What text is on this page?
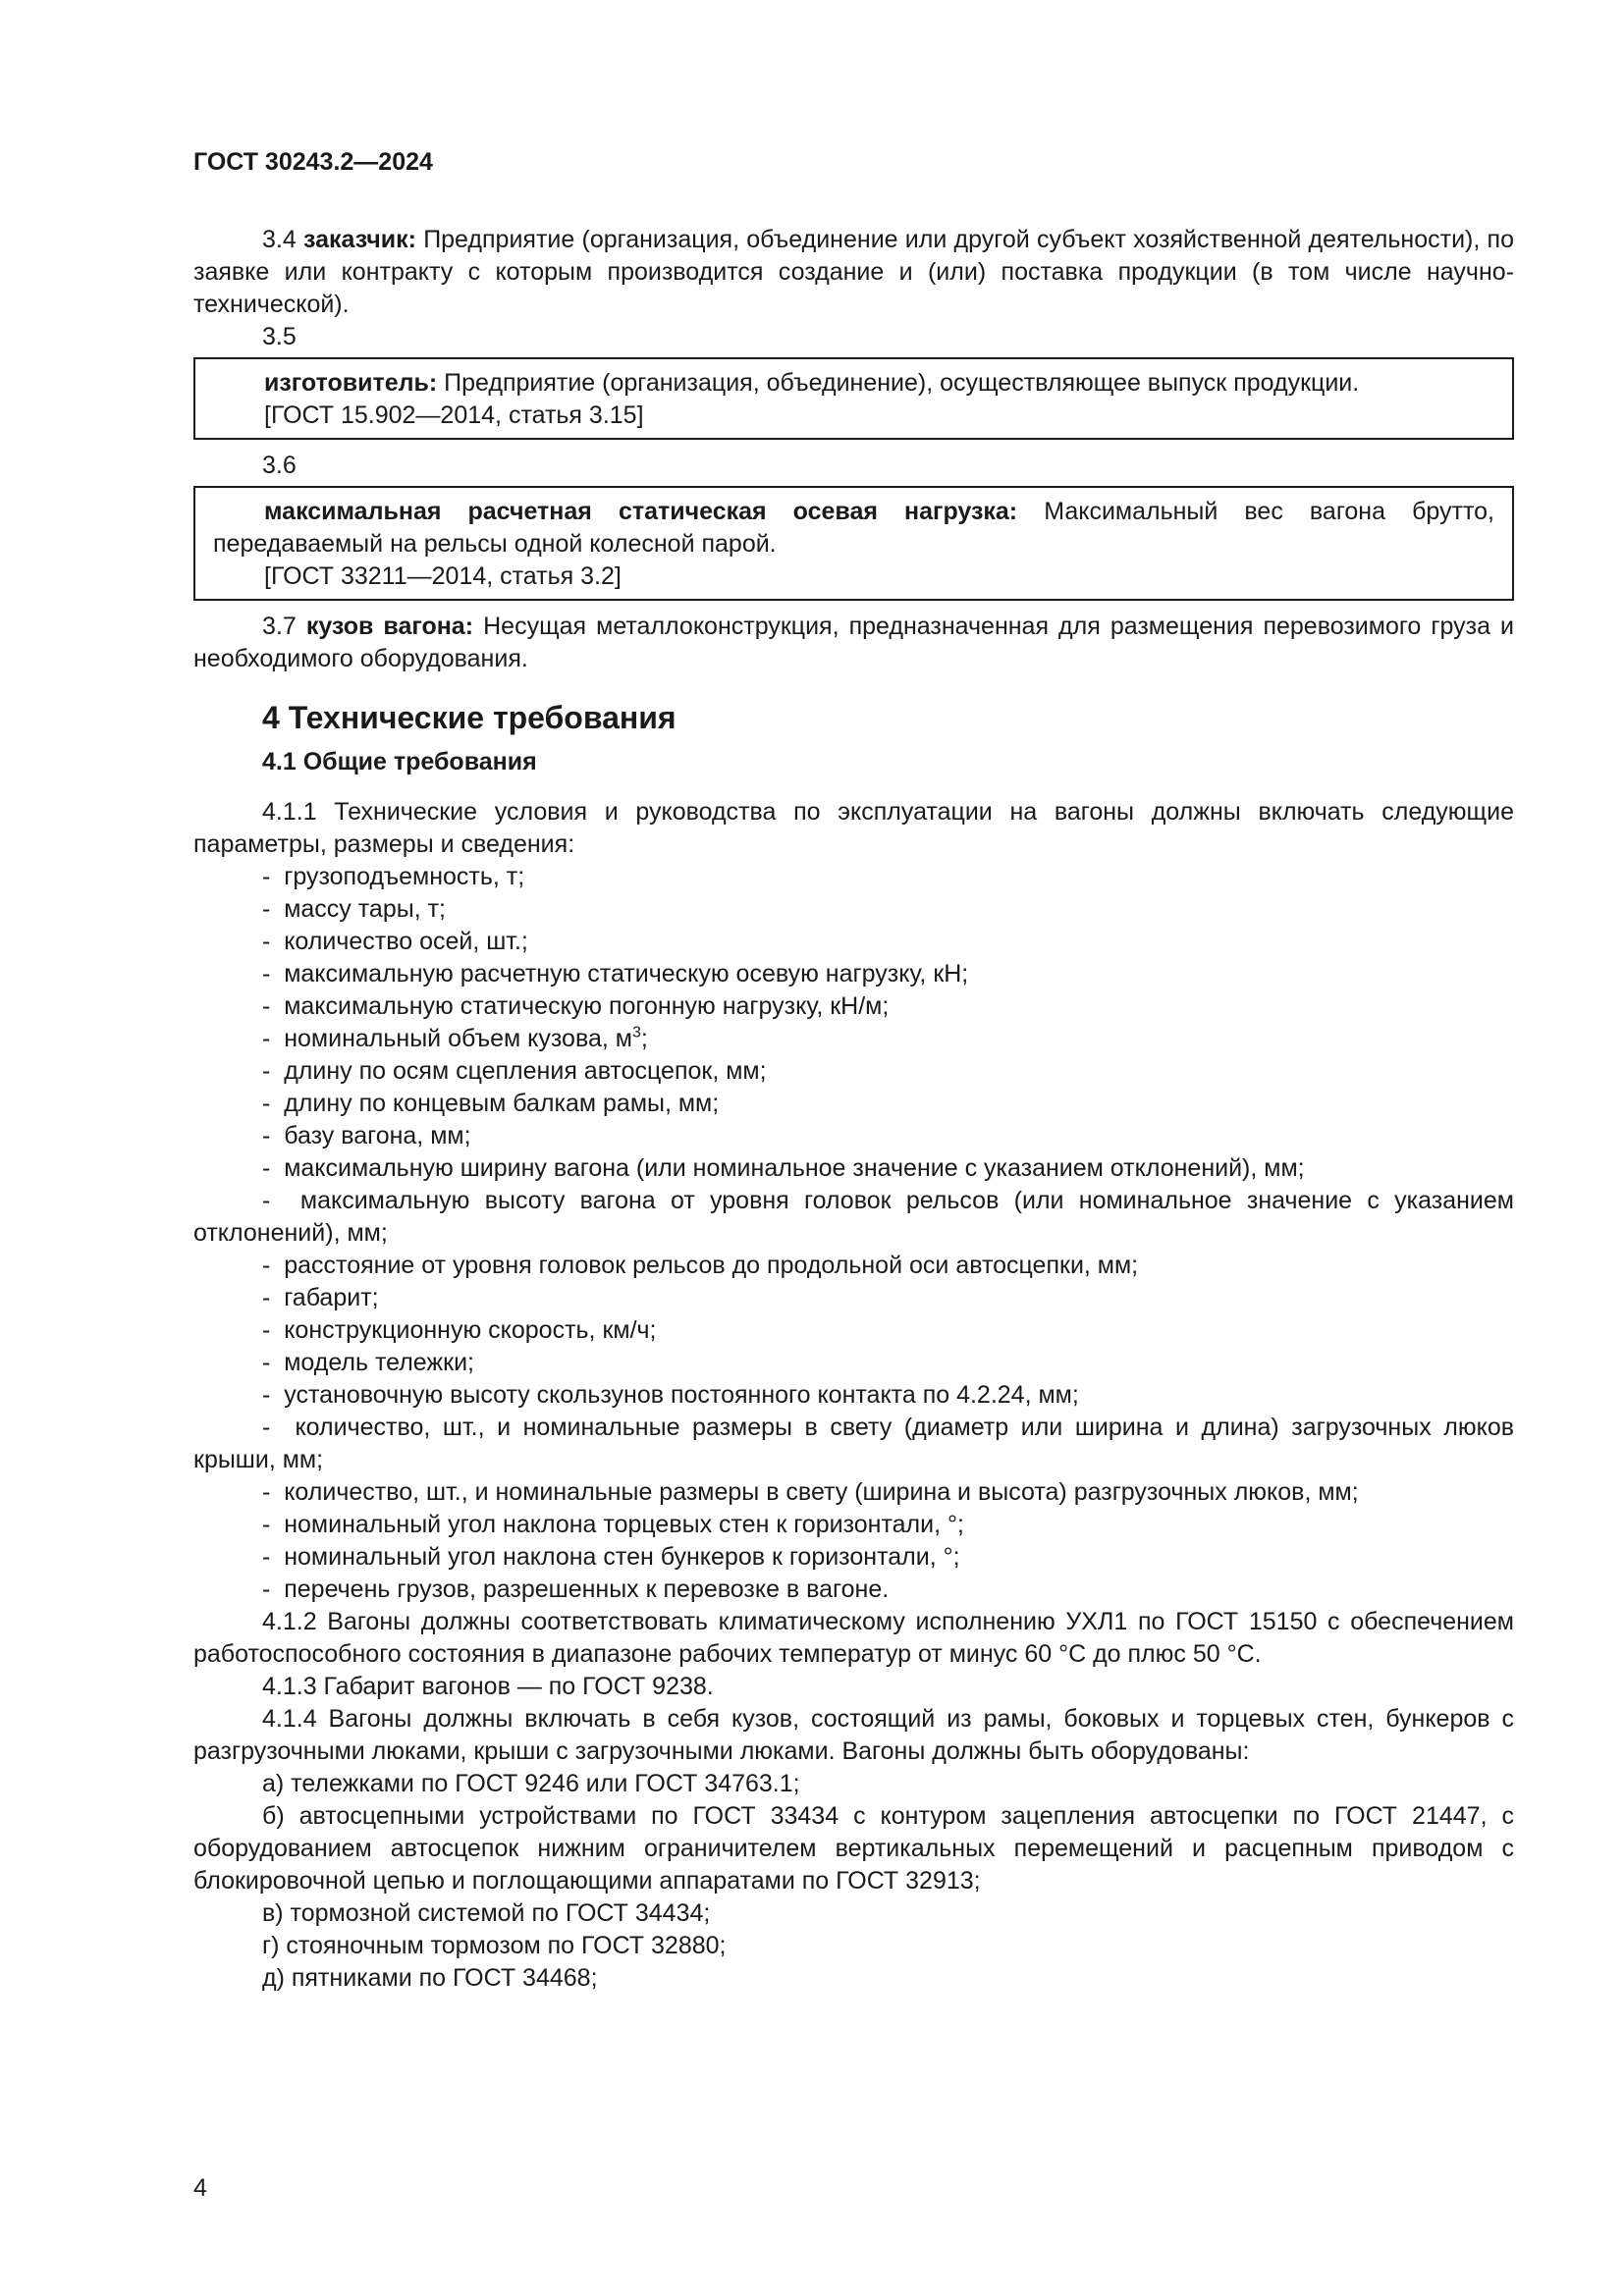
ГОСТ 30243.2—2024

3.4 заказчик: Предприятие (организация, объединение или другой субъект хозяйственной деятельности), по заявке или контракту с которым производится создание и (или) поставка продукции (в том числе научно-технической).

3.5

изготовитель: Предприятие (организация, объединение), осуществляющее выпуск продукции.

[ГОСТ 15.902—2014, статья 3.15]

3.6

максимальная расчетная статическая осевая нагрузка: Максимальный вес вагона брутто, передаваемый на рельсы одной колесной парой.

[ГОСТ 33211—2014, статья 3.2]

3.7 кузов вагона: Несущая металлоконструкция, предназначенная для размещения перевозимого груза и необходимого оборудования.

4 Технические требования
4.1 Общие требования

4.1.1 Технические условия и руководства по эксплуатации на вагоны должны включать следующие параметры, размеры и сведения:

-  грузоподъемность, т;
-  массу тары, т;
-  количество осей, шт.;
-  максимальную расчетную статическую осевую нагрузку, кН;
-  максимальную статическую погонную нагрузку, кН/м;
-  номинальный объем кузова, $м^3$;
-  длину по осям сцепления автосцепок, мм;
-  длину по концевым балкам рамы, мм;
-  базу вагона, мм;
-  максимальную ширину вагона (или номинальное значение с указанием отклонений), мм;
-  максимальную высоту вагона от уровня головок рельсов (или номинальное значение с указанием отклонений), мм;
-  расстояние от уровня головок рельсов до продольной оси автосцепки, мм;
-  габарит;
-  конструкционную скорость, км/ч;
-  модель тележки;
-  установочную высоту скользунов постоянного контакта по 4.2.24, мм;
-  количество, шт., и номинальные размеры в свету (диаметр или ширина и длина) загрузочных люков крыши, мм;
-  количество, шт., и номинальные размеры в свету (ширина и высота) разгрузочных люков, мм;
-  номинальный угол наклона торцевых стен к горизонтали, °;
-  номинальный угол наклона стен бункеров к горизонтали, °;
-  перечень грузов, разрешенных к перевозке в вагоне.

4.1.2 Вагоны должны соответствовать климатическому исполнению УХЛ1 по ГОСТ 15150 с обеспечением работоспособного состояния в диапазоне рабочих температур от минус 60 °С до плюс 50 °С.

4.1.3 Габарит вагонов — по ГОСТ 9238.

4.1.4 Вагоны должны включать в себя кузов, состоящий из рамы, боковых и торцевых стен, бункеров с разгрузочными люками, крыши с загрузочными люками. Вагоны должны быть оборудованы:

а) тележками по ГОСТ 9246 или ГОСТ 34763.1;

б) автосцепными устройствами по ГОСТ 33434 с контуром зацепления автосцепки по ГОСТ 21447, с оборудованием автосцепок нижним ограничителем вертикальных перемещений и расцепным приводом с блокировочной цепью и поглощающими аппаратами по ГОСТ 32913;

в) тормозной системой по ГОСТ 34434;

г) стояночным тормозом по ГОСТ 32880;

д) пятниками по ГОСТ 34468;

4
